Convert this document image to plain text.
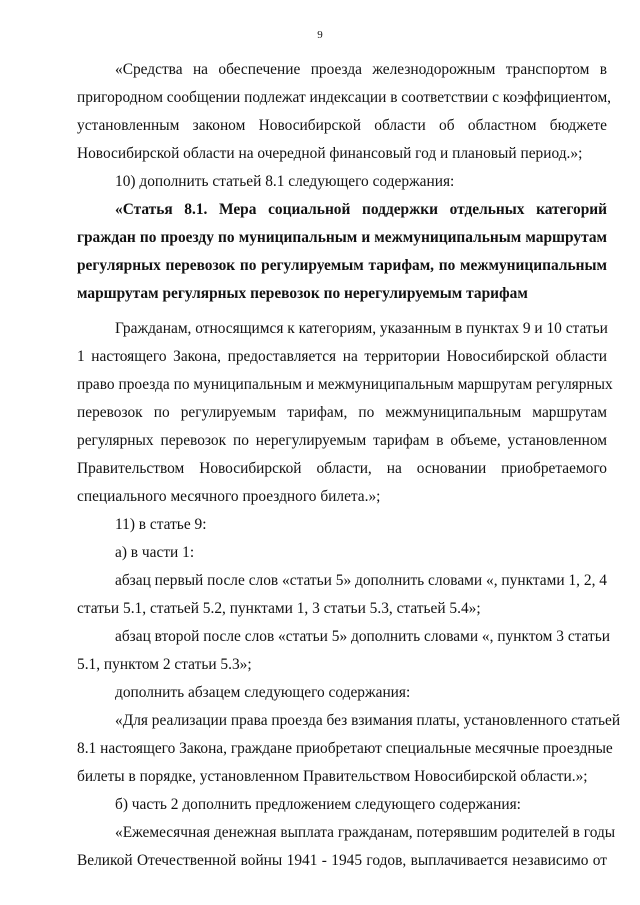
9

«Средства на обеспечение проезда железнодорожным транспортом в
пригородном сообщении подлежат индексации в соответствии с коэффициентом,
установленным законом Новосибирской области об областном бюджете
Новосибирской области на очередной финансовый год и плановый период.»;

10) дополнить статьей 8.1 следующего содержания:

«Статья 8.1. Мера социальной поддержки отдельных категорий
граждан по проезду по муниципальным и межмуниципальным маршрутам
регулярных перевозок по регулируемым тарифам, по межмуниципальным
маршрутам регулярных перевозок по нерегулируемым тарифам

Гражданам, относящимся к категориям, указанным в пунктах 9 и 10 статьи
1 настоящего Закона, предоставляется на территории Новосибирской области
право проезда по муниципальным и межмуниципальным маршрутам регулярных
перевозок по регулируемым тарифам, по межмуниципальным маршрутам
регулярных перевозок по нерегулируемым тарифам в объеме, установленном
Правительством Новосибирской области, на основании приобретаемого
специального месячного проездного билета.»;

11) в статье 9:

а) в части 1:

абзац первый после слов «статьи 5» дополнить словами «, пунктами 1, 2, 4
статьи 5.1, статьей 5.2, пунктами 1, 3 статьи 5.3, статьей 5.4»;

абзац второй после слов «статьи 5» дополнить словами «, пунктом 3 статьи
5.1, пунктом 2 статьи 5.3»;

дополнить абзацем следующего содержания:

«Для реализации права проезда без взимания платы, установленного статьей
8.1 настоящего Закона, граждане приобретают специальные месячные проездные
билеты в порядке, установленном Правительством Новосибирской области.»;

б) часть 2 дополнить предложением следующего содержания:

«Ежемесячная денежная выплата гражданам, потерявшим родителей в годы
Великой Отечественной войны 1941 - 1945 годов, выплачивается независимо от
